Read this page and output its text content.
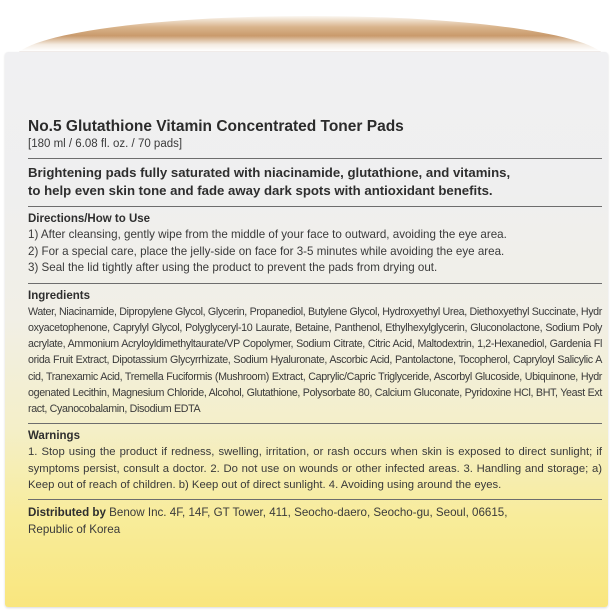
No.5 Glutathione Vitamin Concentrated Toner Pads

[180 ml / 6.08 fl. oz. / 70 pads]

Brightening pads fully saturated with niacinamide, glutathione, and vitamins,

to help even skin tone and fade away dark spots with antioxidant benefits.

Directions/How to Use

1) After cleansing, gently wipe from the middle of your face to outward, avoiding the eye area.

2) For a special care, place the jelly-side on face for 3-5 minutes while avoiding the eye area.

3) Seal the lid tightly after using the product to prevent the pads from drying out.

Ingredients

Water, Niacinamide, Dipropylene Glycol, Glycerin, Propanediol, Butylene Glycol, Hydroxyethyl Urea, Diethoxyethyl Succinate, Hydroxyacetophenone, Caprylyl Glycol, Polyglyceryl-10 Laurate, Betaine, Panthenol, Ethylhexylglycerin, Gluconolactone, Sodium Polyacrylate, Ammonium Acryloyldimethyltaurate/VP Copolymer, Sodium Citrate, Citric Acid, Maltodextrin, 1,2-Hexanediol, Gardenia Florida Fruit Extract, Dipotassium Glycyrrhizate, Sodium Hyaluronate, Ascorbic Acid, Pantolactone, Tocopherol, Capryloyl Salicylic Acid, Tranexamic Acid, Tremella Fuciformis (Mushroom) Extract, Caprylic/Capric Triglyceride, Ascorbyl Glucoside, Ubiquinone, Hydrogenated Lecithin, Magnesium Chloride, Alcohol, Glutathione, Polysorbate 80, Calcium Gluconate, Pyridoxine HCl, BHT, Yeast Extract, Cyanocobalamin, Disodium EDTA

Warnings

1. Stop using the product if redness, swelling, irritation, or rash occurs when skin is exposed to direct sunlight; if symptoms persist, consult a doctor. 2. Do not use on wounds or other infected areas. 3. Handling and storage; a) Keep out of reach of children. b) Keep out of direct sunlight. 4. Avoiding using around the eyes.

Distributed by Benow Inc. 4F, 14F, GT Tower, 411, Seocho-daero, Seocho-gu, Seoul, 06615,

Republic of Korea
